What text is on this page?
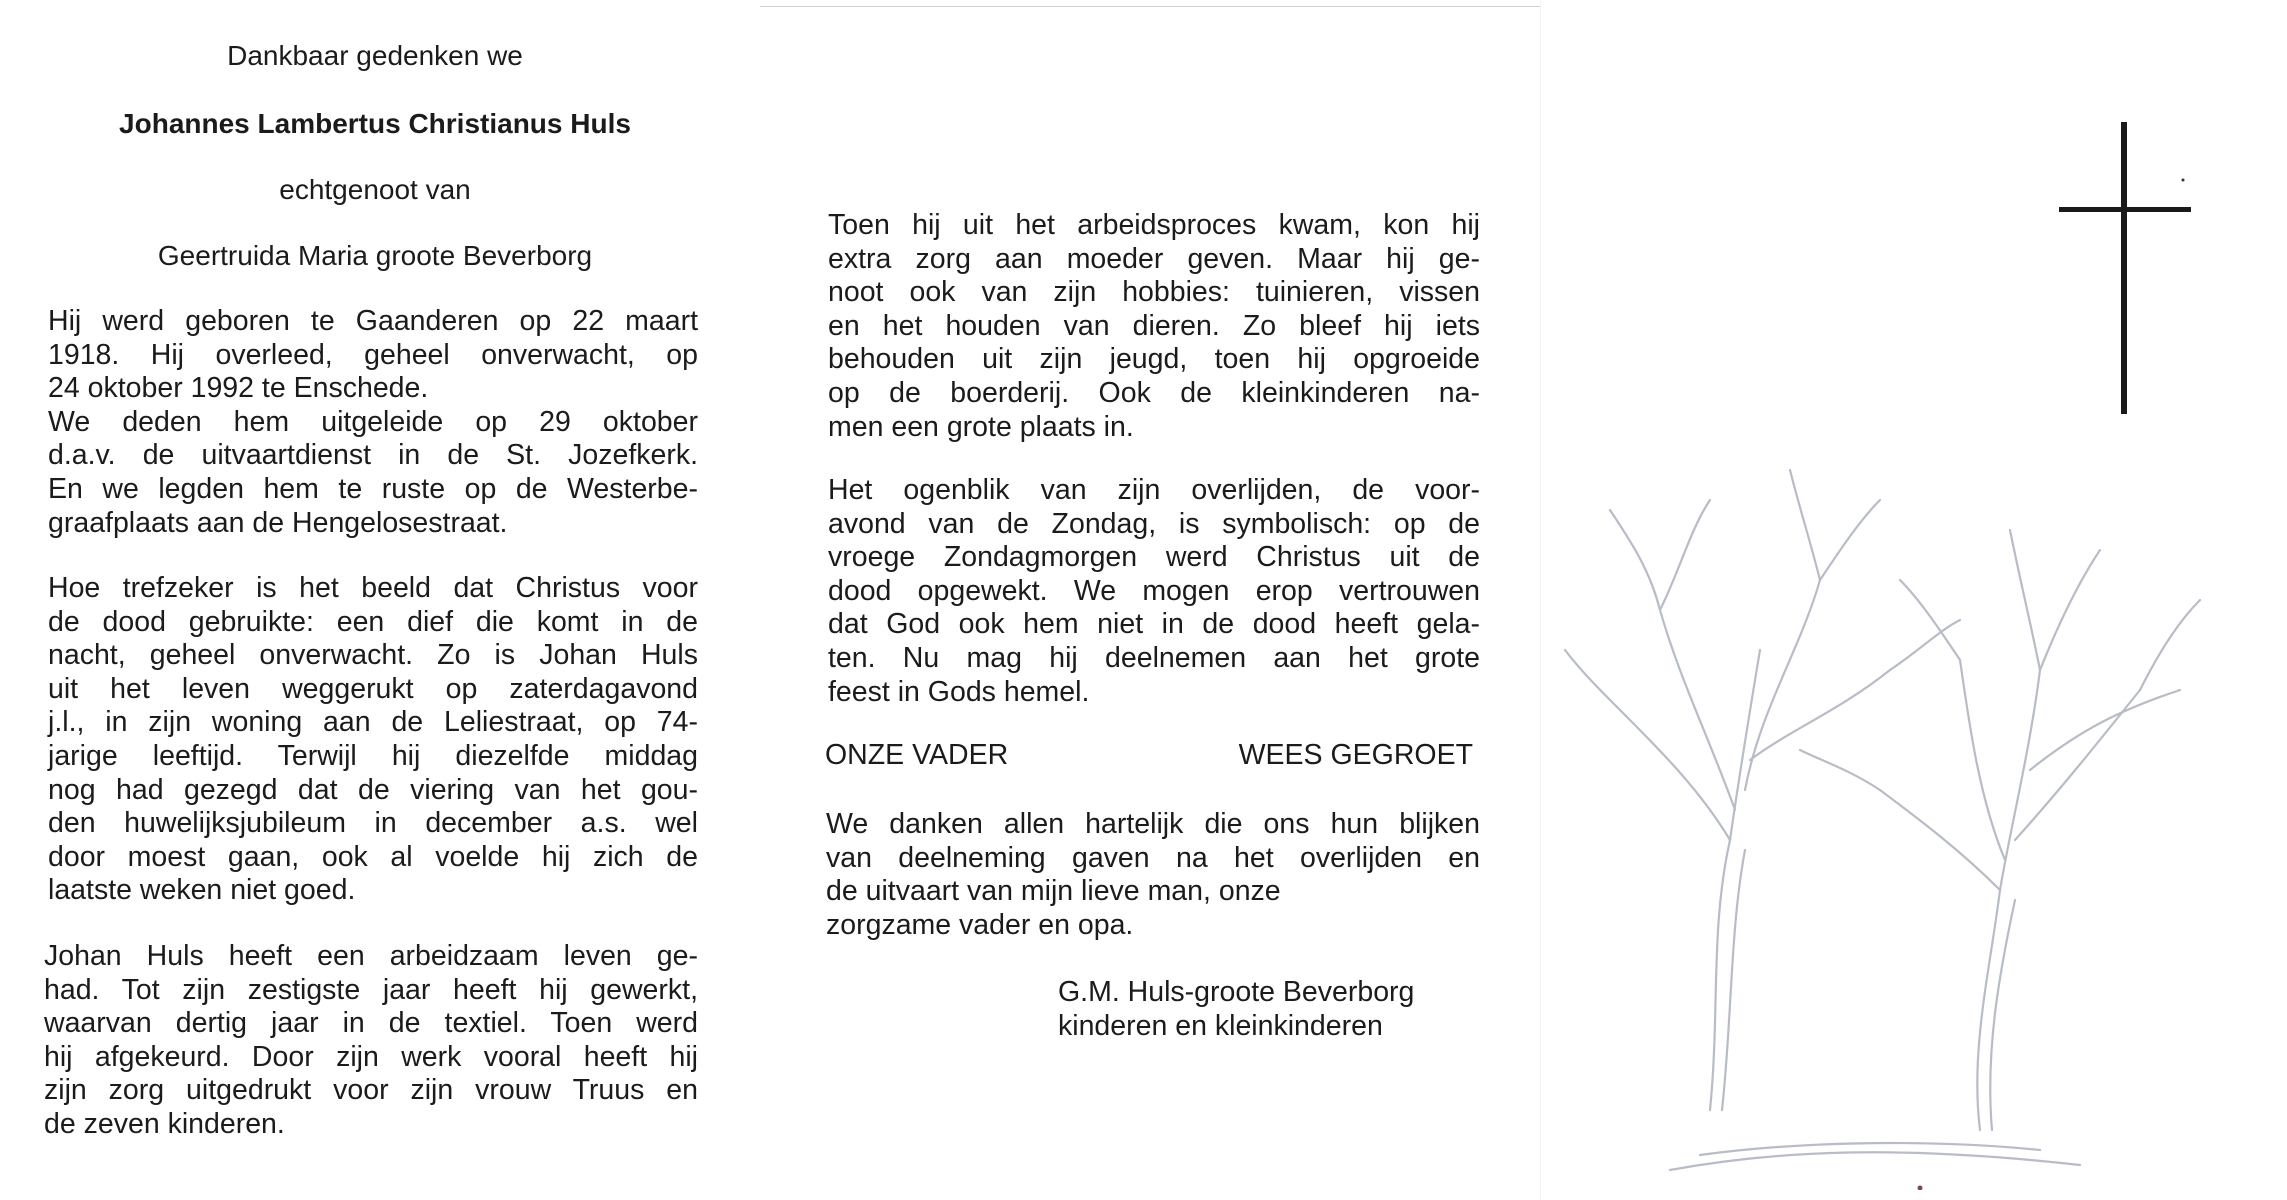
Dankbaar gedenken we
Johannes Lambertus Christianus Huls
echtgenoot van
Geertruida Maria groote Beverborg
Hij werd geboren te Gaanderen op 22 maart
1918. Hij overleed, geheel onverwacht, op
24 oktober 1992 te Enschede.
We deden hem uitgeleide op 29 oktober
d.a.v. de uitvaartdienst in de St. Jozefkerk.
En we legden hem te ruste op de Westerbe-
graafplaats aan de Hengelosestraat.
Hoe trefzeker is het beeld dat Christus voor
de dood gebruikte: een dief die komt in de
nacht, geheel onverwacht. Zo is Johan Huls
uit het leven weggerukt op zaterdagavond
j.l., in zijn woning aan de Leliestraat, op 74-
jarige leeftijd. Terwijl hij diezelfde middag
nog had gezegd dat de viering van het gou-
den huwelijksjubileum in december a.s. wel
door moest gaan, ook al voelde hij zich de
laatste weken niet goed.
Johan Huls heeft een arbeidzaam leven ge-
had. Tot zijn zestigste jaar heeft hij gewerkt,
waarvan dertig jaar in de textiel. Toen werd
hij afgekeurd. Door zijn werk vooral heeft hij
zijn zorg uitgedrukt voor zijn vrouw Truus en
de zeven kinderen.
Toen hij uit het arbeidsproces kwam, kon hij
extra zorg aan moeder geven. Maar hij ge-
noot ook van zijn hobbies: tuinieren, vissen
en het houden van dieren. Zo bleef hij iets
behouden uit zijn jeugd, toen hij opgroeide
op de boerderij. Ook de kleinkinderen na-
men een grote plaats in.
Het ogenblik van zijn overlijden, de voor-
avond van de Zondag, is symbolisch: op de
vroege Zondagmorgen werd Christus uit de
dood opgewekt. We mogen erop vertrouwen
dat God ook hem niet in de dood heeft gela-
ten. Nu mag hij deelnemen aan het grote
feest in Gods hemel.
ONZE VADER	WEES GEGROET
We danken allen hartelijk die ons hun blijken
van deelneming gaven na het overlijden en
de uitvaart van mijn lieve man, onze
zorgzame vader en opa.
G.M. Huls-groote Beverborg
kinderen en kleinkinderen
